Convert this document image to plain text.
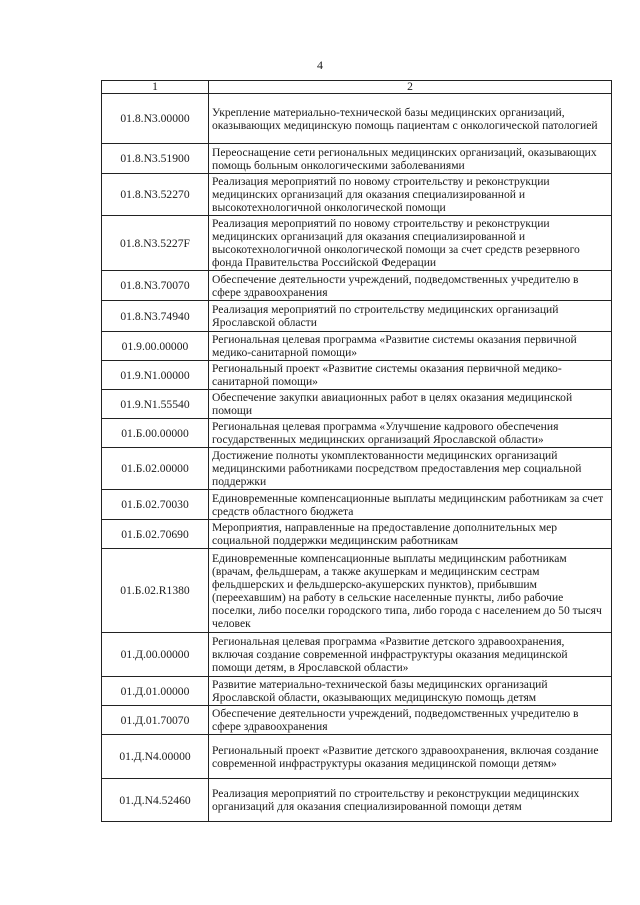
4
1	2
01.8.N3.00000	Укрепление материально-технической базы медицинских организаций, оказывающих медицинскую помощь пациентам с онкологической патологией
01.8.N3.51900	Переоснащение сети региональных медицинских организаций, оказывающих помощь больным онкологическими заболеваниями
01.8.N3.52270	Реализация мероприятий по новому строительству и реконструкции медицинских организаций для оказания специализированной и высокотехнологичной онкологической помощи
01.8.N3.5227F	Реализация мероприятий по новому строительству и реконструкции медицинских организаций для оказания специализированной и высокотехнологичной онкологической помощи за счет средств резервного фонда Правительства Российской Федерации
01.8.N3.70070	Обеспечение деятельности учреждений, подведомственных учредителю в сфере здравоохранения
01.8.N3.74940	Реализация мероприятий по строительству медицинских организаций Ярославской области
01.9.00.00000	Региональная целевая программа «Развитие системы оказания первичной медико-санитарной помощи»
01.9.N1.00000	Региональный проект «Развитие системы оказания первичной медико-санитарной помощи»
01.9.N1.55540	Обеспечение закупки авиационных работ в целях оказания медицинской помощи
01.Б.00.00000	Региональная целевая программа «Улучшение кадрового обеспечения государственных медицинских организаций Ярославской области»
01.Б.02.00000	Достижение полноты укомплектованности медицинских организаций медицинскими работниками посредством предоставления мер социальной поддержки
01.Б.02.70030	Единовременные компенсационные выплаты медицинским работникам за счет средств областного бюджета
01.Б.02.70690	Мероприятия, направленные на предоставление дополнительных мер социальной поддержки медицинским работникам
01.Б.02.R1380	Единовременные компенсационные выплаты медицинским работникам (врачам, фельдшерам, а также акушеркам и медицинским сестрам фельдшерских и фельдшерско-акушерских пунктов), прибывшим (переехавшим) на работу в сельские населенные пункты, либо рабочие поселки, либо поселки городского типа, либо города с населением до 50 тысяч человек
01.Д.00.00000	Региональная целевая программа «Развитие детского здравоохранения, включая создание современной инфраструктуры оказания медицинской помощи детям, в Ярославской области»
01.Д.01.00000	Развитие материально-технической базы медицинских организаций Ярославской области, оказывающих медицинскую помощь детям
01.Д.01.70070	Обеспечение деятельности учреждений, подведомственных учредителю в сфере здравоохранения
01.Д.N4.00000	Региональный проект «Развитие детского здравоохранения, включая создание современной инфраструктуры оказания медицинской помощи детям»
01.Д.N4.52460	Реализация мероприятий по строительству и реконструкции медицинских организаций для оказания специализированной помощи детям
